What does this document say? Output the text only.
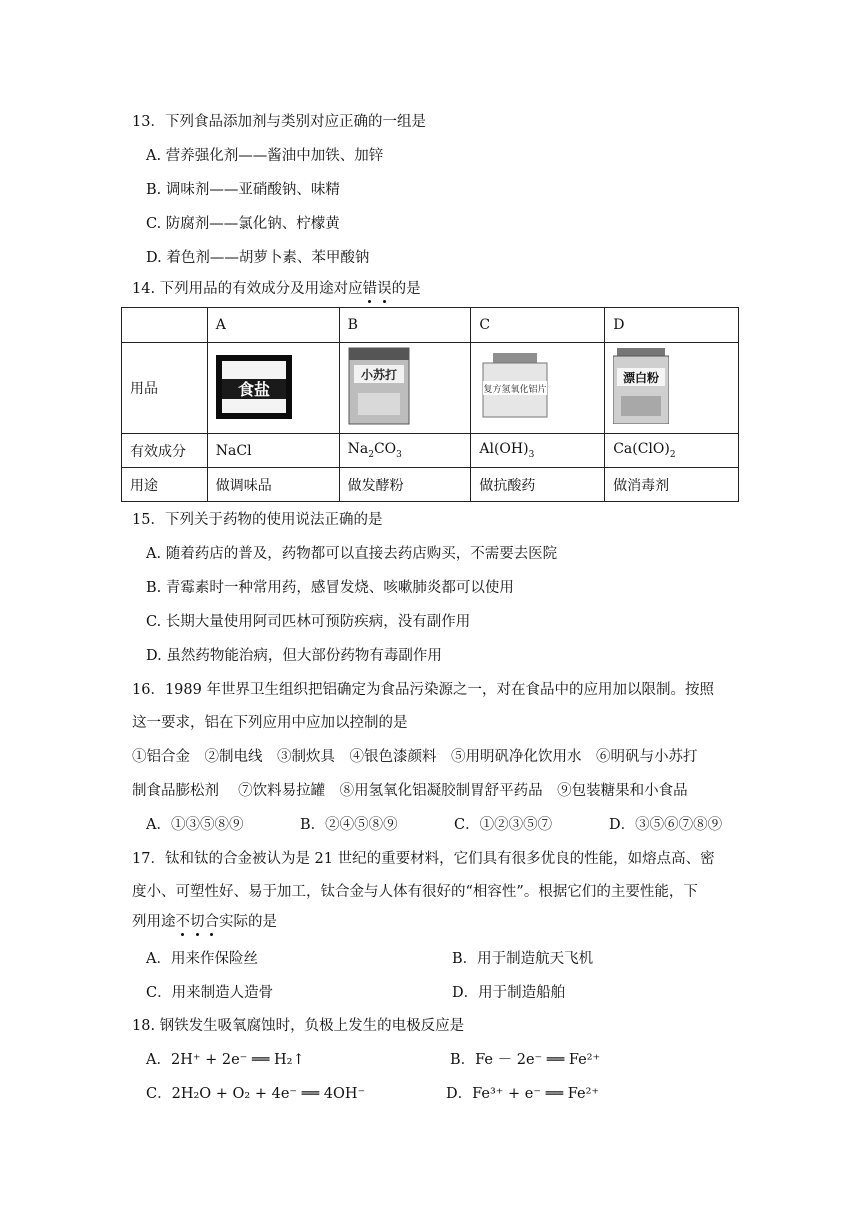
13．下列食品添加剂与类别对应正确的一组是
A. 营养强化剂——酱油中加铁、加锌
B. 调味剂——亚硝酸钠、味精
C. 防腐剂——氯化钠、柠檬黄
D. 着色剂——胡萝卜素、苯甲酸钠
14. 下列用品的有效成分及用途对应错误的是
	A	B	C	D
用品	食盐	小苏打	复方氢氧化铝片	漂白粉

有效成分	NaCl	$Na_2CO_3$	$Al(OH)_3$	$Ca(ClO)_2$
用途	做调味品	做发酵粉	做抗酸药	做消毒剂
15．下列关于药物的使用说法正确的是
A. 随着药店的普及，药物都可以直接去药店购买，不需要去医院
B. 青霉素时一种常用药，感冒发烧、咳嗽肺炎都可以使用
C. 长期大量使用阿司匹林可预防疾病，没有副作用
D. 虽然药物能治病，但大部份药物有毒副作用
16．1989 年世界卫生组织把铝确定为食品污染源之一，对在食品中的应用加以限制。按照
这一要求，铝在下列应用中应加以控制的是
①铝合金　②制电线　③制炊具　④银色漆颜料　⑤用明矾净化饮用水　⑥明矾与小苏打
制食品膨松剂　 ⑦饮料易拉罐　⑧用氢氧化铝凝胶制胃舒平药品　⑨包装糖果和小食品
A．①③⑤⑧⑨	B．②④⑤⑧⑨	C．①②③⑤⑦	D．③⑤⑥⑦⑧⑨
17．钛和钛的合金被认为是 21 世纪的重要材料，它们具有很多优良的性能，如熔点高、密
度小、可塑性好、易于加工，钛合金与人体有很好的“相容性”。根据它们的主要性能，下
列用途不切合实际的是
A．用来作保险丝	B．用于制造航天飞机
C．用来制造人造骨	D．用于制造船舶
18. 钢铁发生吸氧腐蚀时，负极上发生的电极反应是
A．2H⁺ + 2e⁻ ══ H₂↑	B．Fe － 2e⁻ ══ Fe²⁺
C．2H₂O + O₂ + 4e⁻ ══ 4OH⁻	D．Fe³⁺ + e⁻ ══ Fe²⁺
